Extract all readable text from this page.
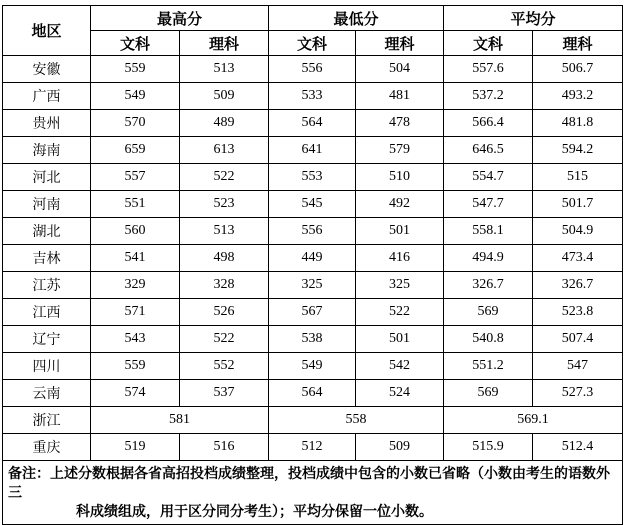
地区	最高分		最低分		平均分	
	文科	理科	文科	理科	文科	理科
安徽	559	513	556	504	557.6	506.7
广西	549	509	533	481	537.2	493.2
贵州	570	489	564	478	566.4	481.8
海南	659	613	641	579	646.5	594.2
河北	557	522	553	510	554.7	515
河南	551	523	545	492	547.7	501.7
湖北	560	513	556	501	558.1	504.9
吉林	541	498	449	416	494.9	473.4
江苏	329	328	325	325	326.7	326.7
江西	571	526	567	522	569	523.8
辽宁	543	522	538	501	540.8	507.4
四川	559	552	549	542	551.2	547
云南	574	537	564	524	569	527.3
浙江	581		558		569.1	
重庆	519	516	512	509	515.9	512.4

备注：上述分数根据各省高招投档成绩整理，投档成绩中包含的小数已省略（小数由考生的语数外三
科成绩组成，用于区分同分考生）；平均分保留一位小数。						
